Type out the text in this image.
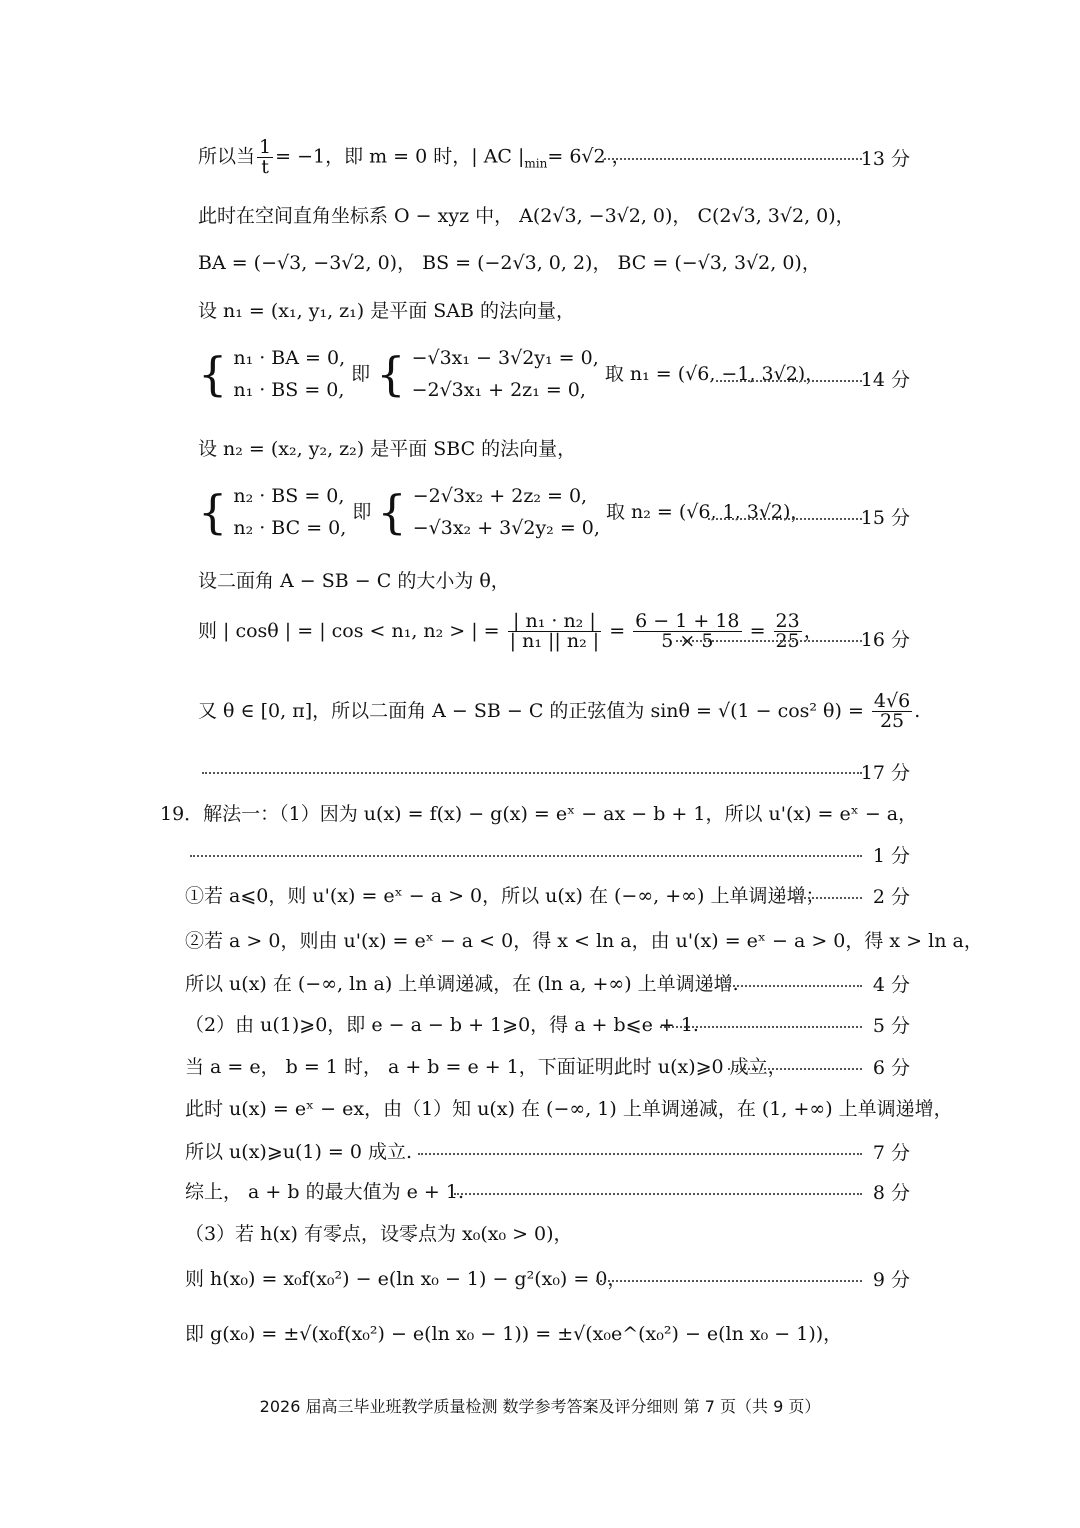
所以当 $\frac{1}{t} = -1$，即 m = 0 时，| AC $|_{min}= 6√2$ ，	13 分
此时在空间直角坐标系 O − xyz 中， A(2√3, −3√2, 0)， C(2√3, 3√2, 0)，
BA = (−√3, −3√2, 0)， BS = (−2√3, 0, 2)， BC = (−√3, 3√2, 0)，
设 n₁ = (x₁, y₁, z₁) 是平面 SAB 的法向量，
{ n₁ · BA = 0,
n₁ · BS = 0,
即 { −√3x₁ − 3√2y₁ = 0,
−2√3x₁ + 2z₁ = 0,
取 n₁ = (√6, −1, 3√2)， 14 分
设 n₂ = (x₂, y₂, z₂) 是平面 SBC 的法向量，
{ n₂ · BS = 0,
n₂ · BC = 0,
即 { −2√3x₂ + 2z₂ = 0,
−√3x₂ + 3√2y₂ = 0,
取 n₂ = (√6, 1, 3√2)，	15 分
设二面角 A − SB − C 的大小为 θ，
则 | cosθ | = | cos < n₁, n₂ > | = $\frac{\text{| n₁ · n₂ |}}{\text{| n₁ || n₂ |}} = \frac{6 - 1 + 18}{5 \times 5} = \frac{23}{25}$ ， 16 分
又 θ ∈ [0, π]，所以二面角 A − SB − C 的正弦值为 sinθ = √(1 − cos² $\theta) = \frac{4√6}{25}$ .
17 分
19．解法一：（1）因为 u(x) = f(x) − g(x) = eˣ − ax − b + 1，所以 u'(x) = eˣ − a，
1 分
①若 a⩽0，则 u'(x) = eˣ − a > 0，所以 u(x) 在 (−∞, +∞) 上单调递增；	2 分
②若 a > 0，则由 u'(x) = eˣ − a < 0，得 x < ln a，由 u'(x) = eˣ − a > 0，得 x > ln a，
所以 u(x) 在 (−∞, ln a) 上单调递减，在 (ln a, +∞) 上单调递增.	4 分
（2）由 u(1)⩾0，即 e − a − b + 1⩾0，得 a + b⩽e + 1.	5 分
当 a = e， b = 1 时， a + b = e + 1，下面证明此时 u(x)⩾0 成立，	6 分
此时 u(x) = eˣ − ex，由（1）知 u(x) 在 (−∞, 1) 上单调递减，在 (1, +∞) 上单调递增，
所以 u(x)⩾u(1) = 0 成立.	7 分
综上， a + b 的最大值为 e + 1.	8 分
（3）若 h(x) 有零点，设零点为 x₀(x₀ > 0)，
则 h(x₀) = x₀f(x₀²) − e(ln x₀ − 1) − g²(x₀) = 0，	9 分
即 g(x₀) = ±√(x₀f(x₀²) − e(ln x₀ − 1)) = ±√(x₀e^(x₀²) − e(ln x₀ − 1))，
2026 届高三毕业班教学质量检测 数学参考答案及评分细则 第 7 页（共 9 页）
